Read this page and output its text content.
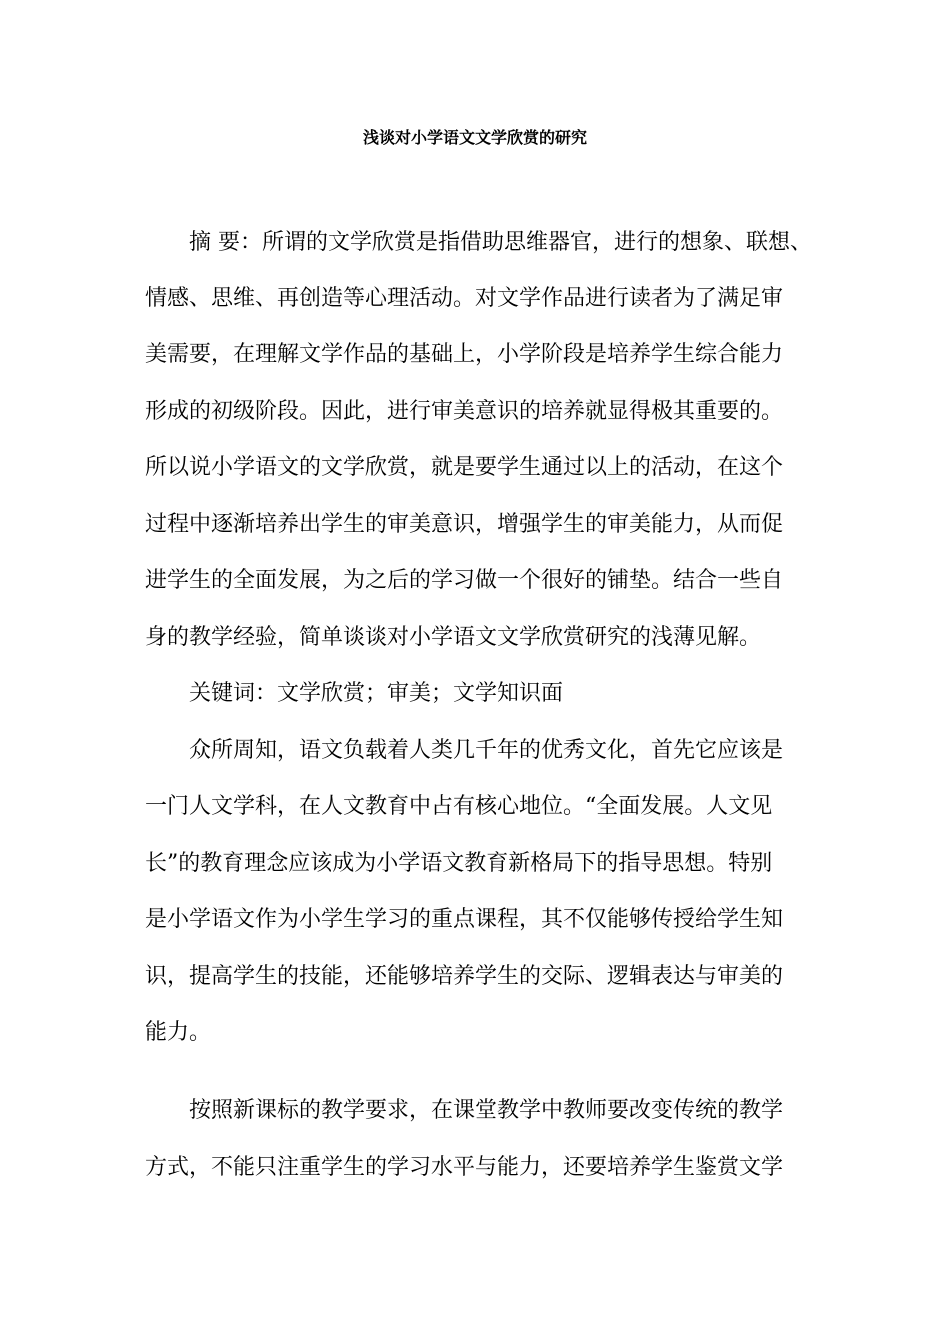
浅谈对小学语文文学欣赏的研究
摘 要：所谓的文学欣赏是指借助思维器官，进行的想象、联想、
情感、思维、再创造等心理活动。对文学作品进行读者为了满足审
美需要，在理解文学作品的基础上，小学阶段是培养学生综合能力
形成的初级阶段。因此，进行审美意识的培养就显得极其重要的。
所以说小学语文的文学欣赏，就是要学生通过以上的活动，在这个
过程中逐渐培养出学生的审美意识，增强学生的审美能力，从而促
进学生的全面发展，为之后的学习做一个很好的铺垫。结合一些自
身的教学经验，简单谈谈对小学语文文学欣赏研究的浅薄见解。
关键词：文学欣赏；审美；文学知识面
众所周知，语文负载着人类几千年的优秀文化，首先它应该是
一门人文学科，在人文教育中占有核心地位。“全面发展。人文见
长”的教育理念应该成为小学语文教育新格局下的指导思想。特别
是小学语文作为小学生学习的重点课程，其不仅能够传授给学生知
识，提高学生的技能，还能够培养学生的交际、逻辑表达与审美的
能力。
按照新课标的教学要求，在课堂教学中教师要改变传统的教学
方式，不能只注重学生的学习水平与能力，还要培养学生鉴赏文学
